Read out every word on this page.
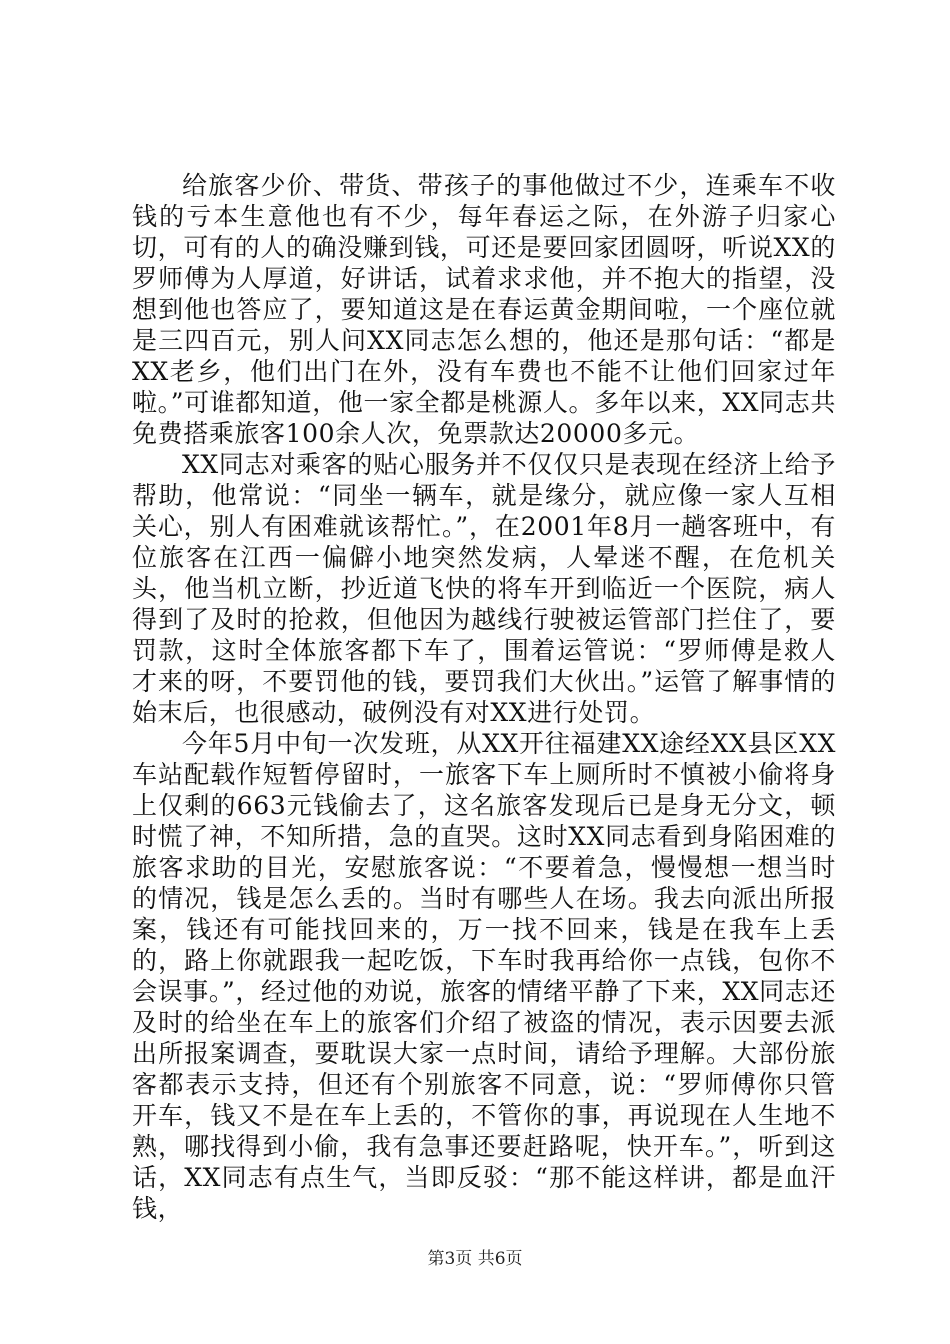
给旅客少价、带货、带孩子的事他做过不少，连乘车不收钱的亏本生意他也有不少，每年春运之际，在外游子归家心切，可有的人的确没赚到钱，可还是要回家团圆呀，听说XX的罗师傅为人厚道，好讲话，试着求求他，并不抱大的指望，没想到他也答应了，要知道这是在春运黄金期间啦，一个座位就是三四百元，别人问XX同志怎么想的，他还是那句话：“都是XX老乡，他们出门在外，没有车费也不能不让他们回家过年啦。”可谁都知道，他一家全都是桃源人。多年以来，XX同志共免费搭乘旅客100余人次，免票款达20000多元。

XX同志对乘客的贴心服务并不仅仅只是表现在经济上给予帮助，他常说：“同坐一辆车，就是缘分，就应像一家人互相关心，别人有困难就该帮忙。”，在2001年8月一趟客班中，有位旅客在江西一偏僻小地突然发病，人晕迷不醒，在危机关头，他当机立断，抄近道飞快的将车开到临近一个医院，病人得到了及时的抢救，但他因为越线行驶被运管部门拦住了，要罚款，这时全体旅客都下车了，围着运管说：“罗师傅是救人才来的呀，不要罚他的钱，要罚我们大伙出。”运管了解事情的始末后，也很感动，破例没有对XX进行处罚。

今年5月中旬一次发班，从XX开往福建XX途经XX县区XX车站配载作短暂停留时，一旅客下车上厕所时不慎被小偷将身上仅剩的663元钱偷去了，这名旅客发现后已是身无分文，顿时慌了神，不知所措，急的直哭。这时XX同志看到身陷困难的旅客求助的目光，安慰旅客说：“不要着急，慢慢想一想当时的情况，钱是怎么丢的。当时有哪些人在场。我去向派出所报案，钱还有可能找回来的，万一找不回来，钱是在我车上丢的，路上你就跟我一起吃饭，下车时我再给你一点钱，包你不会误事。”，经过他的劝说，旅客的情绪平静了下来，XX同志还及时的给坐在车上的旅客们介绍了被盗的情况，表示因要去派出所报案调查，要耽误大家一点时间，请给予理解。大部份旅客都表示支持，但还有个别旅客不同意，说：“罗师傅你只管开车，钱又不是在车上丢的，不管你的事，再说现在人生地不熟，哪找得到小偷，我有急事还要赶路呢，快开车。”，听到这话，XX同志有点生气，当即反驳：“那不能这样讲，都是血汗钱，

第3页 共6页
